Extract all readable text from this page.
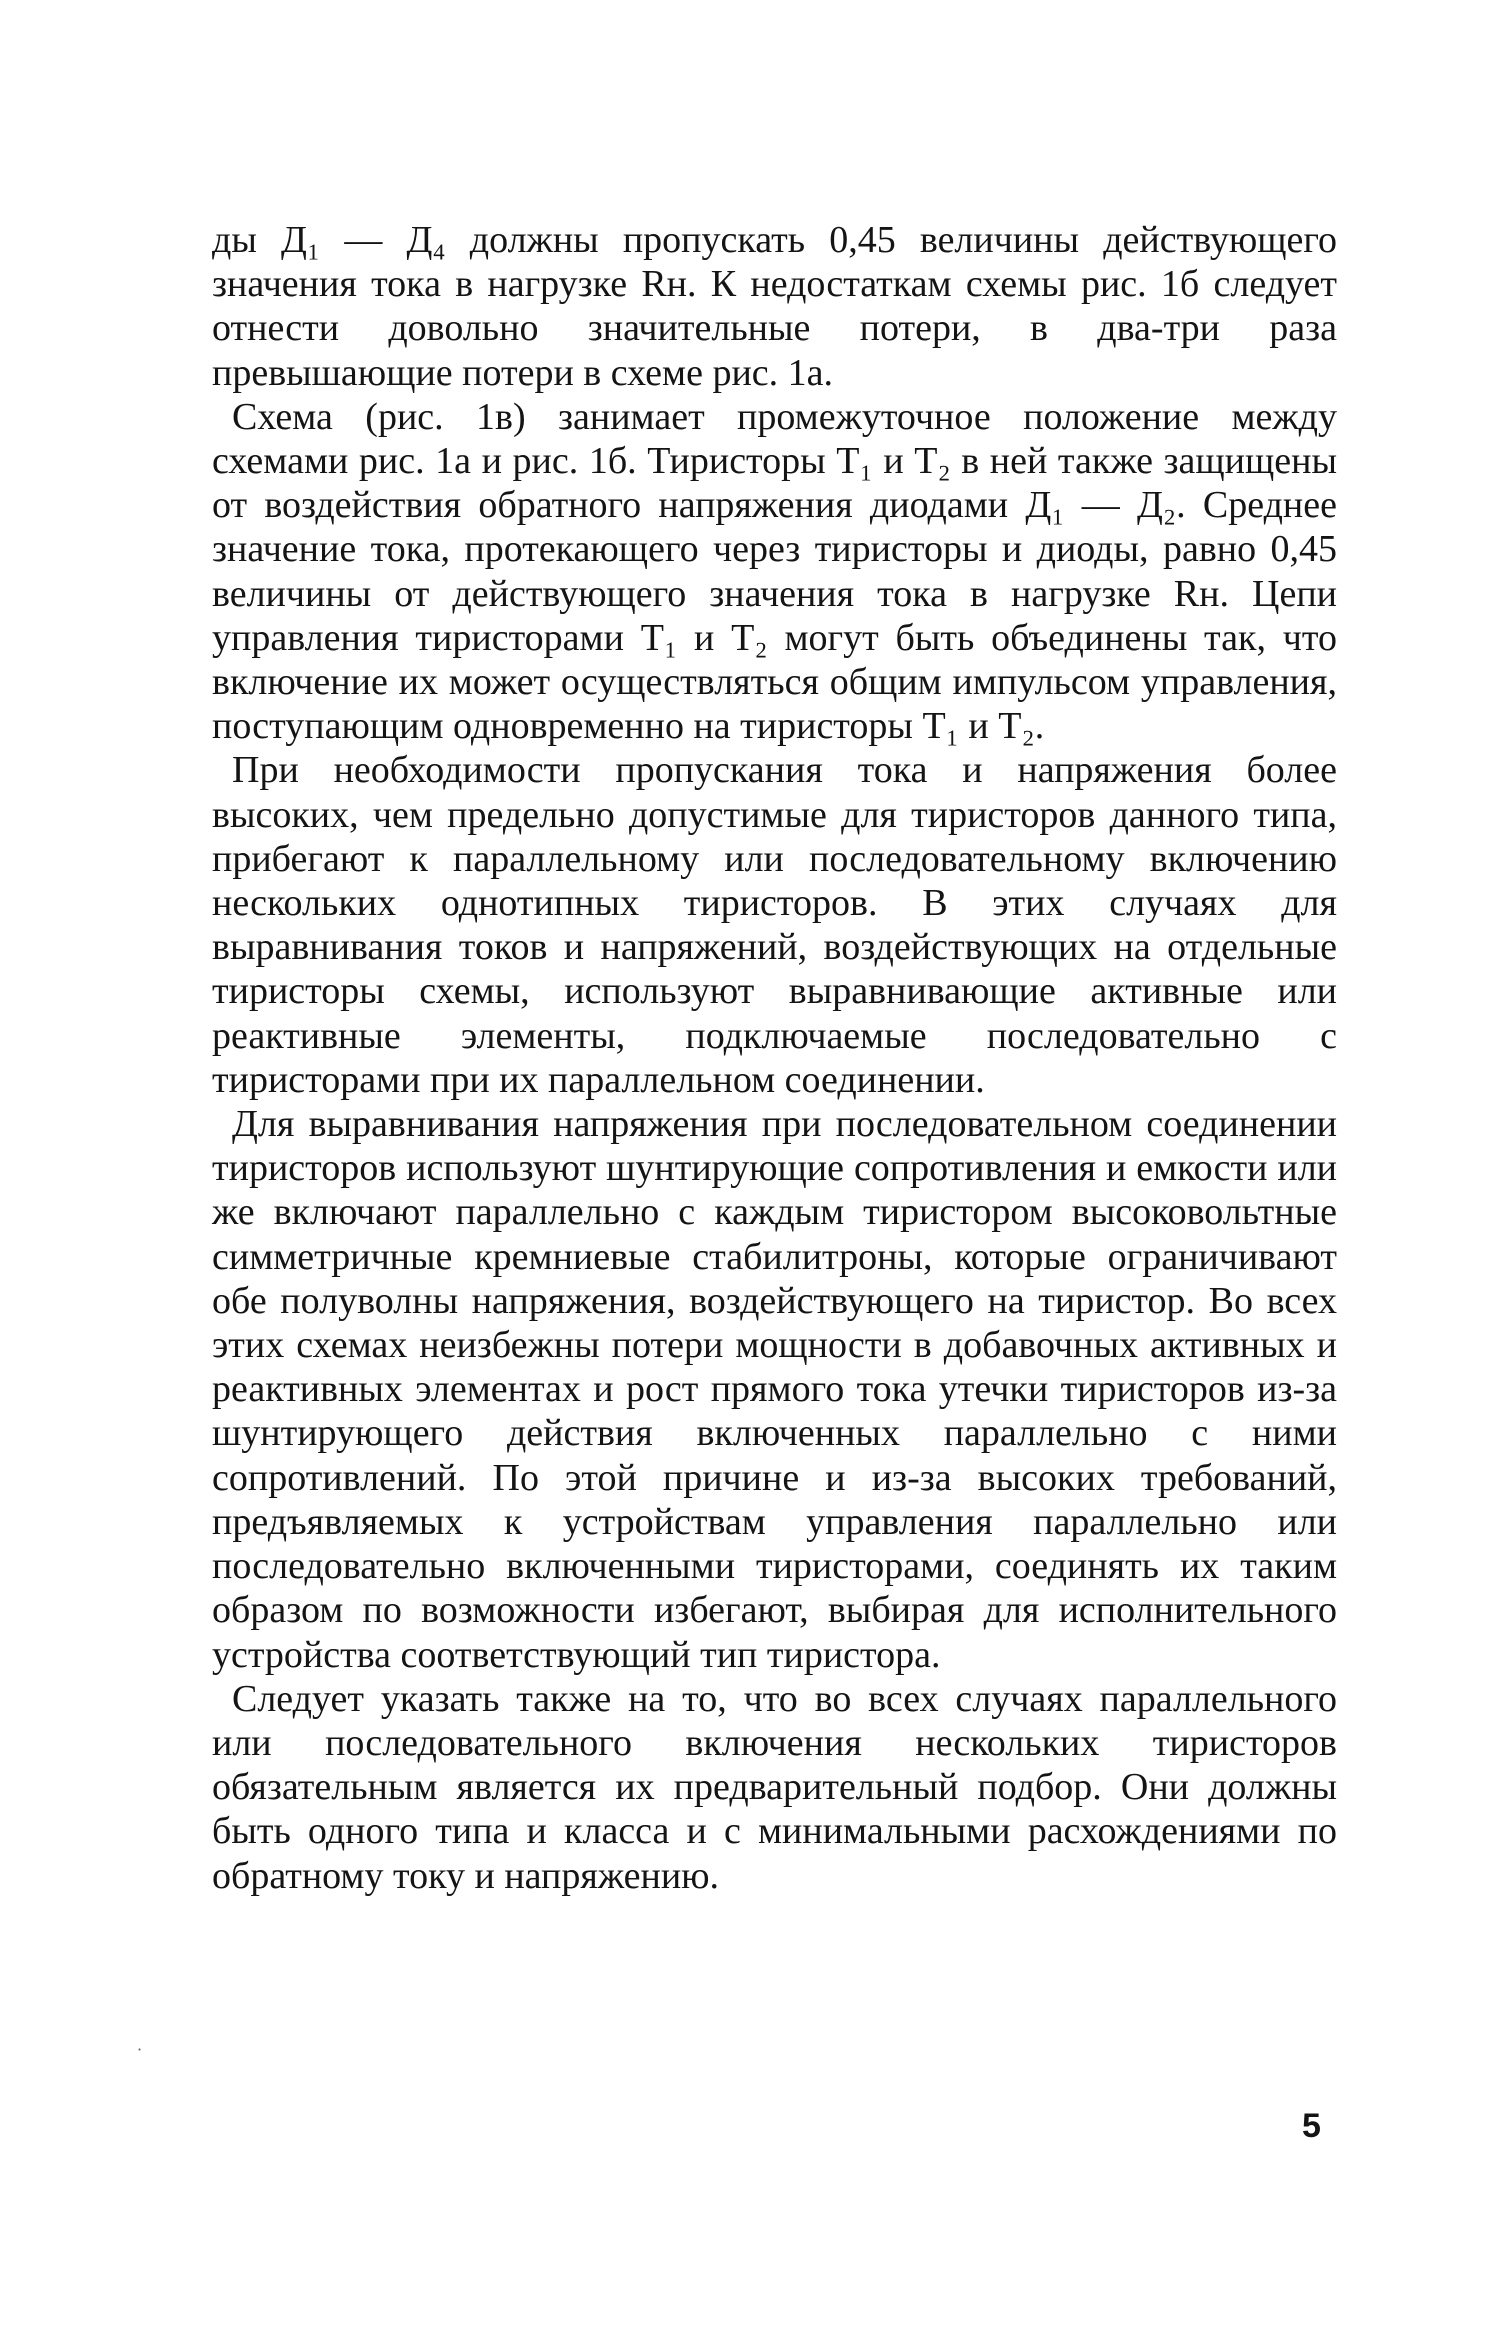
ды Д₁ — Д₄ должны пропускать 0,45 величины действующего значения тока в нагрузке Rн. К недостаткам схемы рис. 1б следует отнести довольно значительные потери, в два-три раза превышающие потери в схеме рис. 1а.

Схема (рис. 1в) занимает промежуточное положение между схемами рис. 1а и рис. 1б. Тиристоры T₁ и T₂ в ней также защищены от воздействия обратного напряжения диодами Д₁ — Д₂. Среднее значение тока, протекающего через тиристоры и диоды, равно 0,45 величины от действующего значения тока в нагрузке Rн. Цепи управления тиристорами T₁ и T₂ могут быть объединены так, что включение их может осуществляться общим импульсом управления, поступающим одновременно на тиристоры T₁ и T₂.

При необходимости пропускания тока и напряжения более высоких, чем предельно допустимые для тиристоров данного типа, прибегают к параллельному или последовательному включению нескольких однотипных тиристоров. В этих случаях для выравнивания токов и напряжений, воздействующих на отдельные тиристоры схемы, используют выравнивающие активные или реактивные элементы, подключаемые последовательно с тиристорами при их параллельном соединении.

Для выравнивания напряжения при последовательном соединении тиристоров используют шунтирующие сопротивления и емкости или же включают параллельно с каждым тиристором высоковольтные симметричные кремниевые стабилитроны, которые ограничивают обе полуволны напряжения, воздействующего на тиристор. Во всех этих схемах неизбежны потери мощности в добавочных активных и реактивных элементах и рост прямого тока утечки тиристоров из-за шунтирующего действия включенных параллельно с ними сопротивлений. По этой причине и из-за высоких требований, предъявляемых к устройствам управления параллельно или последовательно включенными тиристорами, соединять их таким образом по возможности избегают, выбирая для исполнительного устройства соответствующий тип тиристора.

Следует указать также на то, что во всех случаях параллельного или последовательного включения нескольких тиристоров обязательным является их предварительный подбор. Они должны быть одного типа и класса и с минимальными расхождениями по обратному току и напряжению.

·
5
